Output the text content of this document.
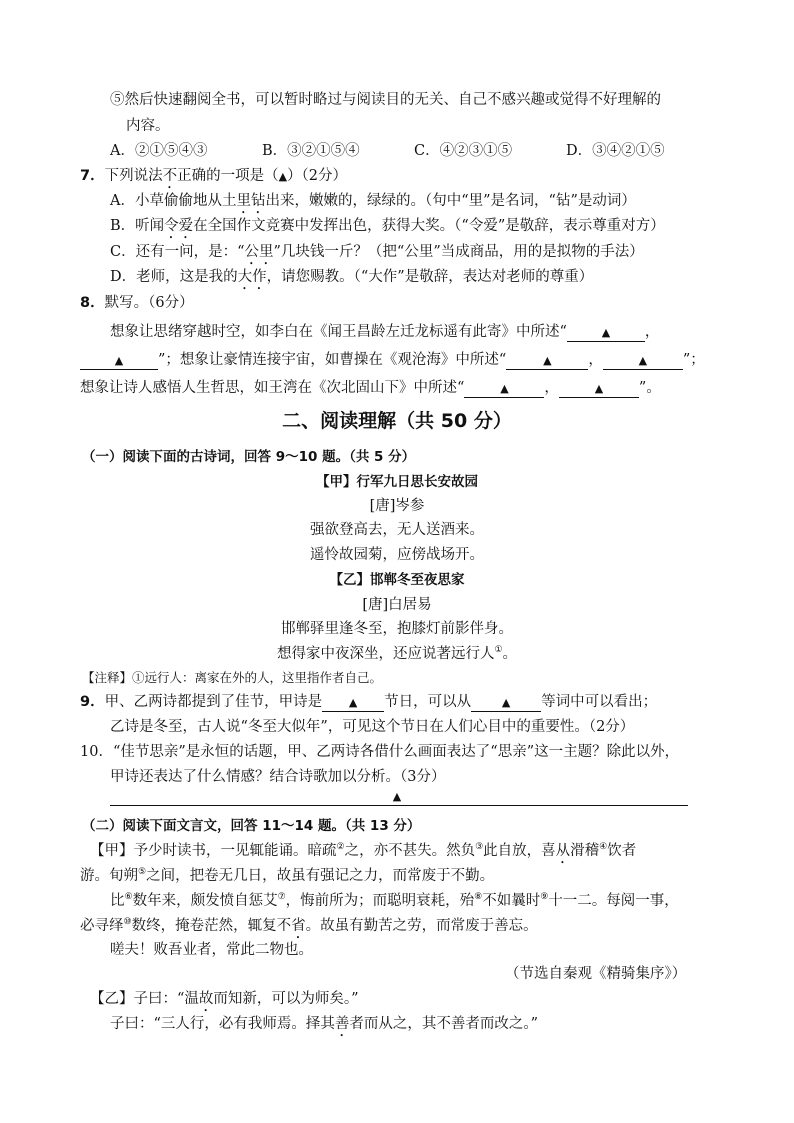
⑤然后快速翻阅全书，可以暂时略过与阅读目的无关、自己不感兴趣或觉得不好理解的
内容。
A．②①⑤④③	B．③②①⑤④	C．④②③①⑤	D．③④②①⑤
7．下列说法不正确的一项是（▲）（2分）
A．小草偷偷地从土里钻出来，嫩嫩的，绿绿的。（句中“里”是名词，“钻”是动词）
B．听闻令爱在全国作文竞赛中发挥出色，获得大奖。（“令爱”是敬辞，表示尊重对方）
C．还有一问，是：“公里”几块钱一斤？（把“公里”当成商品，用的是拟物的手法）
D．老师，这是我的大作，请您赐教。（“大作”是敬辞，表达对老师的尊重）
8．默写。（6分）
想象让思绪穿越时空，如李白在《闻王昌龄左迁龙标遥有此寄》中所述“	▲ ，
▲ ”；想象让豪情连接宇宙，如曹操在《观沧海》中所述“	▲	，	▲ ”；
想象让诗人感悟人生哲思，如王湾在《次北固山下》中所述“	▲ ，	▲ ”。
二、阅读理解（共 50 分）
（一）阅读下面的古诗词，回答 9～10 题。（共 5 分）
【甲】行军九日思长安故园
[唐]岑参
强欲登高去，无人送酒来。
遥怜故园菊，应傍战场开。
【乙】邯郸冬至夜思家
[唐]白居易
邯郸驿里逢冬至，抱膝灯前影伴身。
想得家中夜深坐，还应说著远行人①。
【注释】①远行人：离家在外的人，这里指作者自己。
9．甲、乙两诗都提到了佳节，甲诗是 ▲ 节日，可以从	▲ 等词中可以看出；
乙诗是冬至，古人说“冬至大似年”，可见这个节日在人们心目中的重要性。（2分）
10．“佳节思亲”是永恒的话题，甲、乙两诗各借什么画面表达了“思亲”这一主题？除此以外，
甲诗还表达了什么情感？结合诗歌加以分析。（3分）
▲
（二）阅读下面文言文，回答 11～14 题。（共 13 分）
【甲】予少时读书，一见辄能诵。暗疏②之，亦不甚失。然负③此自放，喜从滑稽④饮者
游。旬朔⑤之间，把卷无几日，故虽有强记之力，而常废于不勤。
比⑥数年来，颇发愤自惩艾⑦，悔前所为；而聪明衰耗，殆⑧不如曩时⑨十一二。每阅一事，
必寻绎⑩数终，掩卷茫然，辄复不省。故虽有勤苦之劳，而常废于善忘。
嗟夫！败吾业者，常此二物也。
（节选自秦观《精骑集序》）
【乙】子曰：“温故而知新，可以为师矣。”
子曰：“三人行，必有我师焉。择其善者而从之，其不善者而改之。”
